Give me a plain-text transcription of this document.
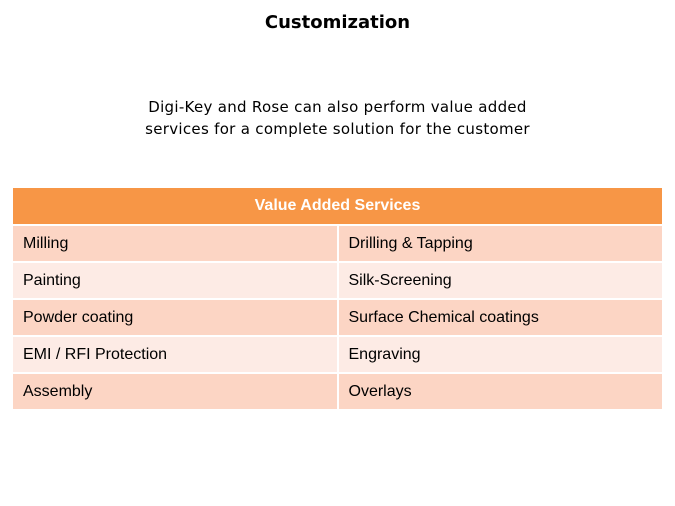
Customization
Digi-Key and Rose can also perform value added
services for a complete solution for the customer
Value Added Services	
Milling	Drilling & Tapping
Painting	Silk-Screening
Powder coating	Surface Chemical coatings
EMI / RFI Protection	Engraving
Assembly	Overlays
